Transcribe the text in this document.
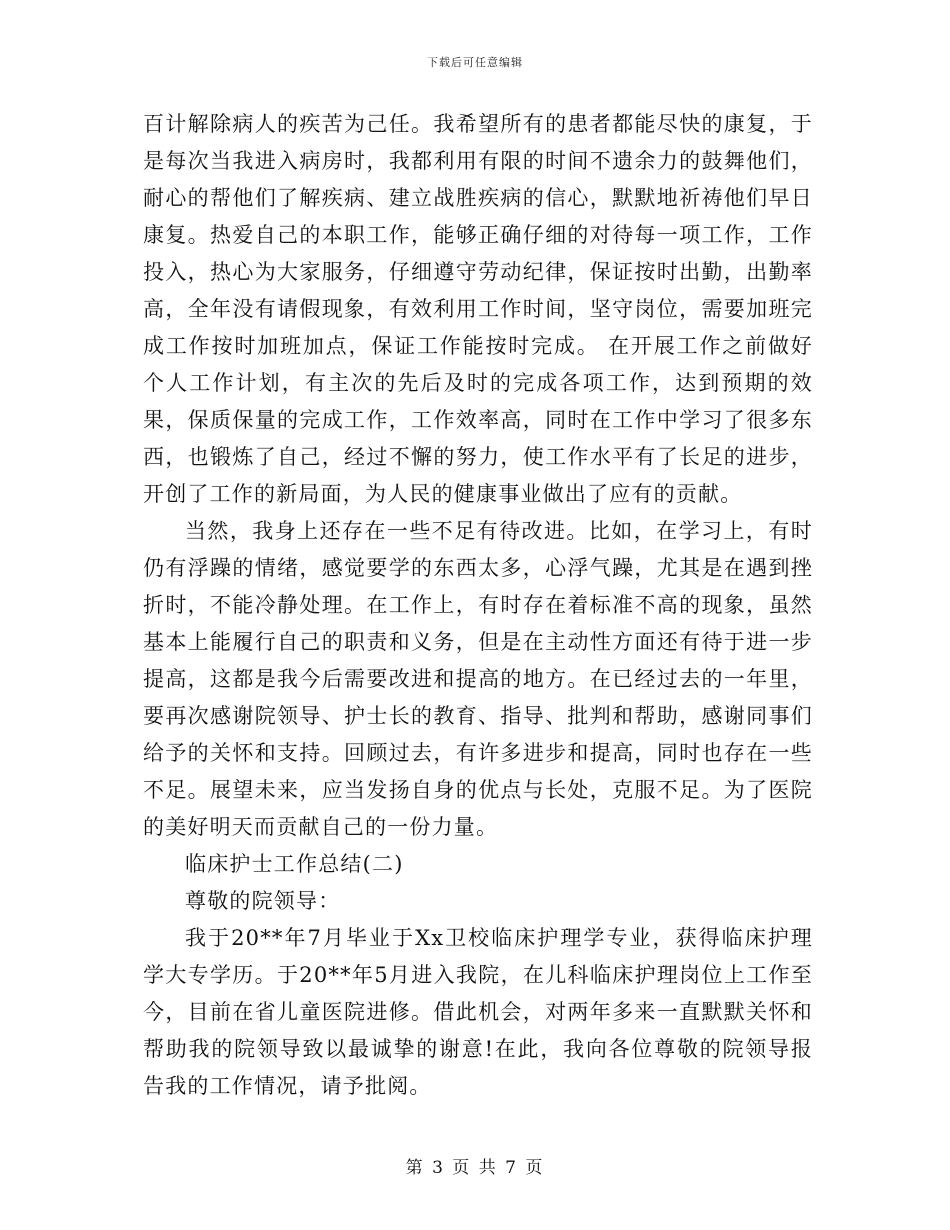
下载后可任意编辑

百计解除病人的疾苦为己任。我希望所有的患者都能尽快的康复，于是每次当我进入病房时，我都利用有限的时间不遗余力的鼓舞他们，耐心的帮他们了解疾病、建立战胜疾病的信心，默默地祈祷他们早日康复。热爱自己的本职工作，能够正确仔细的对待每一项工作，工作投入，热心为大家服务，仔细遵守劳动纪律，保证按时出勤，出勤率高，全年没有请假现象，有效利用工作时间，坚守岗位，需要加班完成工作按时加班加点，保证工作能按时完成。 在开展工作之前做好个人工作计划，有主次的先后及时的完成各项工作，达到预期的效果，保质保量的完成工作，工作效率高，同时在工作中学习了很多东西，也锻炼了自己，经过不懈的努力，使工作水平有了长足的进步，开创了工作的新局面，为人民的健康事业做出了应有的贡献。

当然，我身上还存在一些不足有待改进。比如，在学习上，有时仍有浮躁的情绪，感觉要学的东西太多，心浮气躁，尤其是在遇到挫折时，不能冷静处理。在工作上，有时存在着标准不高的现象，虽然基本上能履行自己的职责和义务，但是在主动性方面还有待于进一步提高，这都是我今后需要改进和提高的地方。在已经过去的一年里，要再次感谢院领导、护士长的教育、指导、批判和帮助，感谢同事们给予的关怀和支持。回顾过去，有许多进步和提高，同时也存在一些不足。展望未来，应当发扬自身的优点与长处，克服不足。为了医院的美好明天而贡献自己的一份力量。

临床护士工作总结(二)

尊敬的院领导：

我于20**年7月毕业于Xx卫校临床护理学专业，获得临床护理学大专学历。于20**年5月进入我院，在儿科临床护理岗位上工作至今，目前在省儿童医院进修。借此机会，对两年多来一直默默关怀和帮助我的院领导致以最诚挚的谢意!在此，我向各位尊敬的院领导报告我的工作情况，请予批阅。

第 3 页 共 7 页
